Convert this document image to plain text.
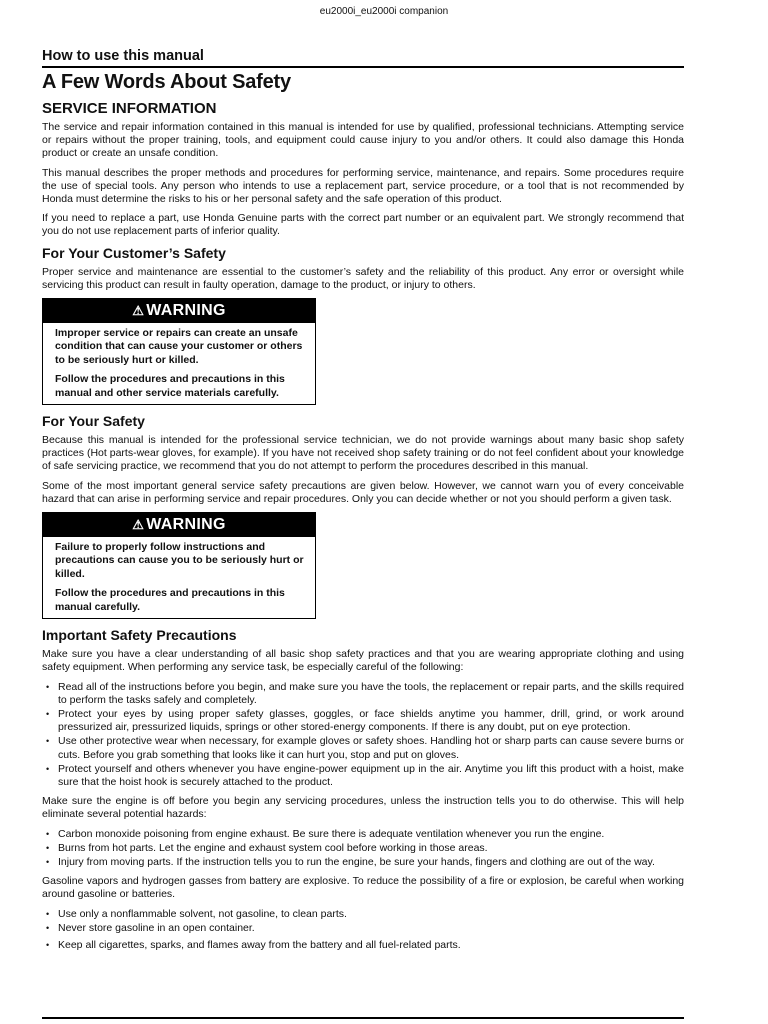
eu2000i_eu2000i companion
How to use this manual
A Few Words About Safety
SERVICE INFORMATION

The service and repair information contained in this manual is intended for use by qualified, professional technicians. Attempting service or repairs without the proper training, tools, and equipment could cause injury to you and/or others. It could also damage this Honda product or create an unsafe condition.

This manual describes the proper methods and procedures for performing service, maintenance, and repairs. Some procedures require the use of special tools. Any person who intends to use a replacement part, service procedure, or a tool that is not recommended by Honda must determine the risks to his or her personal safety and the safe operation of this product.

If you need to replace a part, use Honda Genuine parts with the correct part number or an equivalent part. We strongly recommend that you do not use replacement parts of inferior quality.

For Your Customer’s Safety

Proper service and maintenance are essential to the customer’s safety and the reliability of this product. Any error or oversight while servicing this product can result in faulty operation, damage to the product, or injury to others.

⚠ WARNING

Improper service or repairs can create an unsafe condition that can cause your customer or others to be seriously hurt or killed.

Follow the procedures and precautions in this manual and other service materials carefully.

For Your Safety

Because this manual is intended for the professional service technician, we do not provide warnings about many basic shop safety practices (Hot parts-wear gloves, for example). If you have not received shop safety training or do not feel confident about your knowledge of safe servicing practice, we recommend that you do not attempt to perform the procedures described in this manual.

Some of the most important general service safety precautions are given below. However, we cannot warn you of every conceivable hazard that can arise in performing service and repair procedures. Only you can decide whether or not you should perform a given task.

⚠ WARNING

Failure to properly follow instructions and precautions can cause you to be seriously hurt or killed.

Follow the procedures and precautions in this manual carefully.

Important Safety Precautions

Make sure you have a clear understanding of all basic shop safety practices and that you are wearing appropriate clothing and using safety equipment. When performing any service task, be especially careful of the following:

• Read all of the instructions before you begin, and make sure you have the tools, the replacement or repair parts, and the skills required to perform the tasks safely and completely.
• Protect your eyes by using proper safety glasses, goggles, or face shields anytime you hammer, drill, grind, or work around pressurized air, pressurized liquids, springs or other stored-energy components. If there is any doubt, put on eye protection.
• Use other protective wear when necessary, for example gloves or safety shoes. Handling hot or sharp parts can cause severe burns or cuts. Before you grab something that looks like it can hurt you, stop and put on gloves.
• Protect yourself and others whenever you have engine-power equipment up in the air. Anytime you lift this product with a hoist, make sure that the hoist hook is securely attached to the product.

Make sure the engine is off before you begin any servicing procedures, unless the instruction tells you to do otherwise. This will help eliminate several potential hazards:

• Carbon monoxide poisoning from engine exhaust. Be sure there is adequate ventilation whenever you run the engine.
• Burns from hot parts. Let the engine and exhaust system cool before working in those areas.
• Injury from moving parts. If the instruction tells you to run the engine, be sure your hands, fingers and clothing are out of the way.

Gasoline vapors and hydrogen gasses from battery are explosive. To reduce the possibility of a fire or explosion, be careful when working around gasoline or batteries.

• Use only a nonflammable solvent, not gasoline, to clean parts.
• Never store gasoline in an open container.
• Keep all cigarettes, sparks, and flames away from the battery and all fuel-related parts.
